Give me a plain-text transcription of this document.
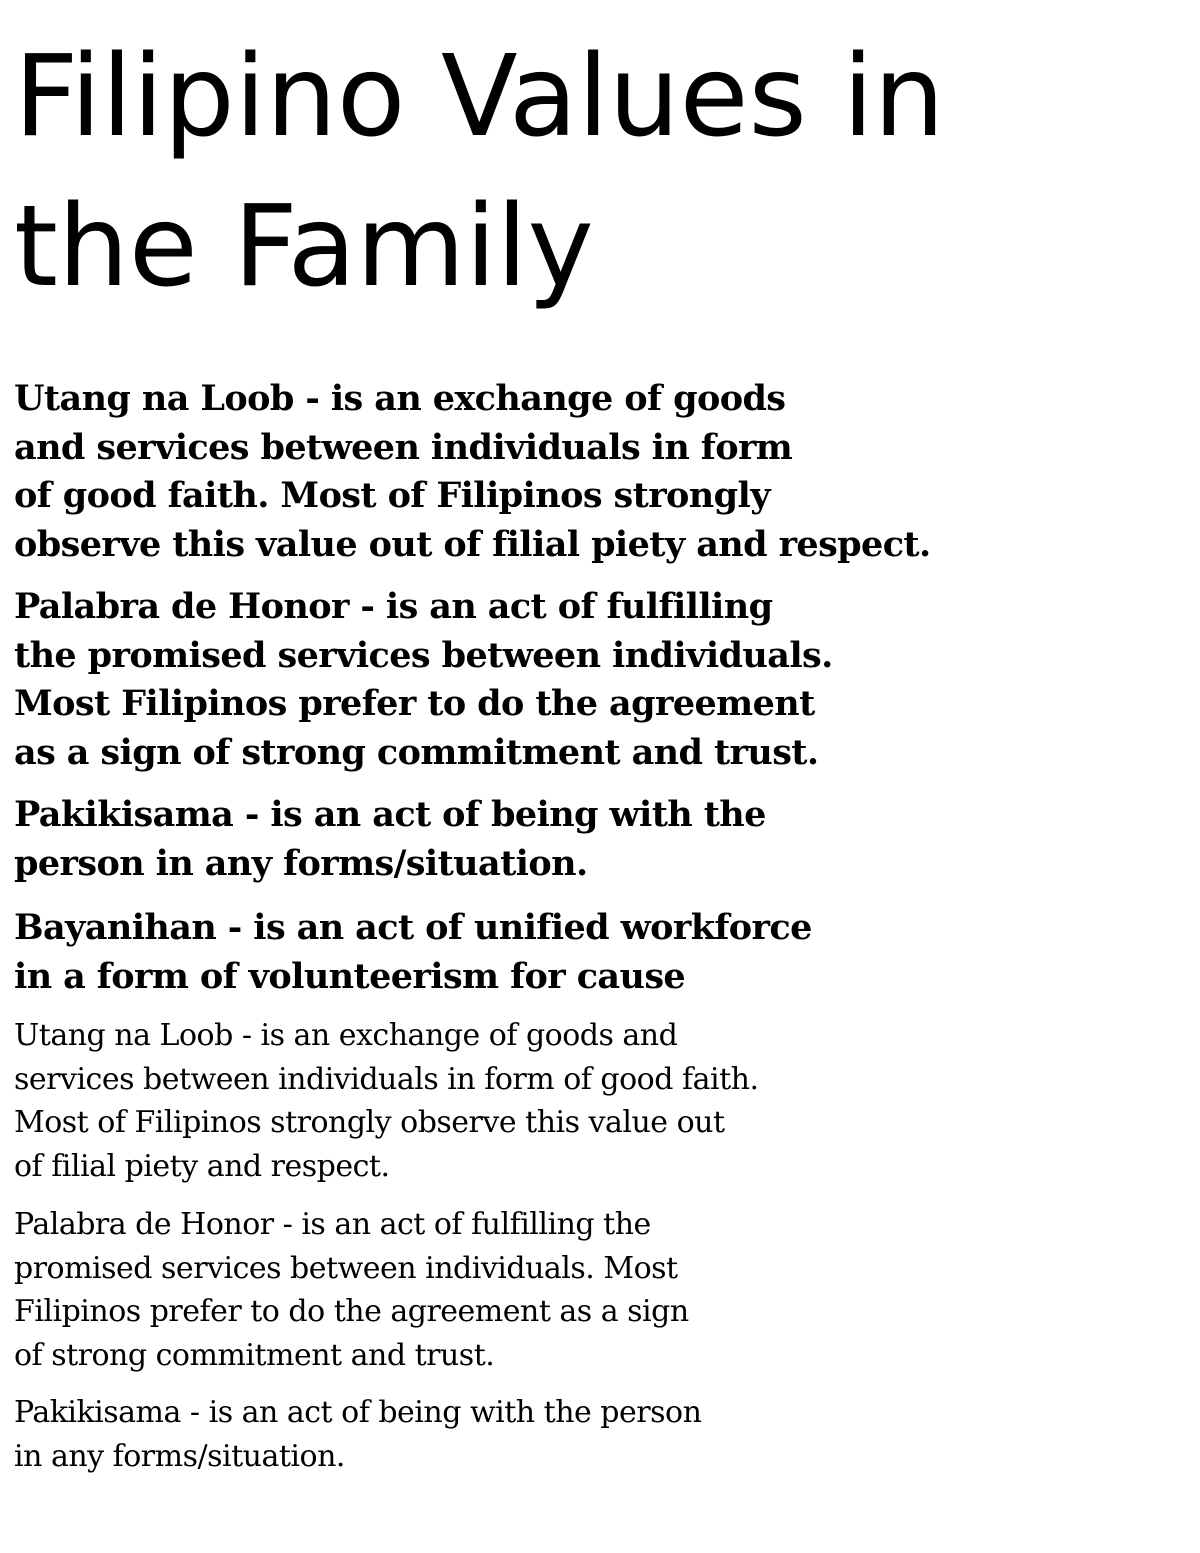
Filipino Values in
the Family

Utang na Loob - is an exchange of goods
and services between individuals in form
of good faith. Most of Filipinos strongly
observe this value out of filial piety and respect.

Palabra de Honor - is an act of fulfilling
the promised services between individuals.
Most Filipinos prefer to do the agreement
as a sign of strong commitment and trust.

Pakikisama - is an act of being with the
person in any forms/situation.

Bayanihan - is an act of unified workforce
in a form of volunteerism for cause

Utang na Loob - is an exchange of goods and
services between individuals in form of good faith.
Most of Filipinos strongly observe this value out
of filial piety and respect.

Palabra de Honor - is an act of fulfilling the
promised services between individuals. Most
Filipinos prefer to do the agreement as a sign
of strong commitment and trust.

Pakikisama - is an act of being with the person
in any forms/situation.
